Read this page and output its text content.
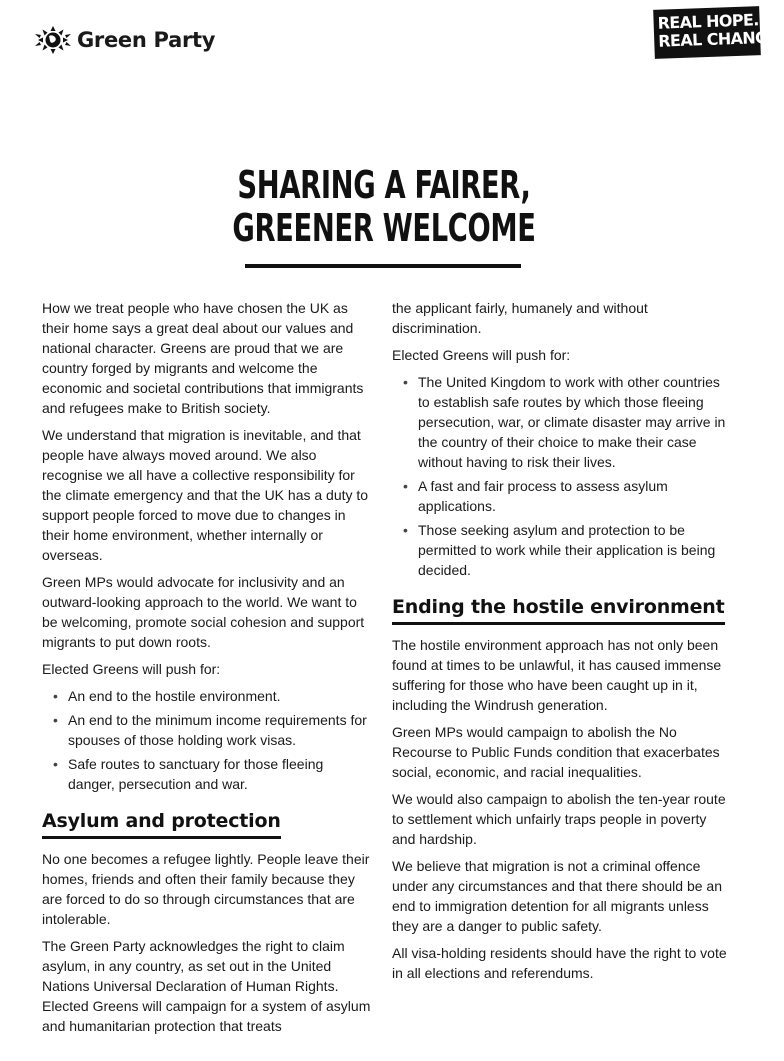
Green Party
REAL HOPE.
REAL CHANGE.
SHARING A FAIRER,
GREENER WELCOME

How we treat people who have chosen the UK as their home says a great deal about our values and national character. Greens are proud that we are country forged by migrants and welcome the economic and societal contributions that immigrants and refugees make to British society.

We understand that migration is inevitable, and that people have always moved around. We also recognise we all have a collective responsibility for the climate emergency and that the UK has a duty to support people forced to move due to changes in their home environment, whether internally or overseas.

Green MPs would advocate for inclusivity and an outward-looking approach to the world. We want to be welcoming, promote social cohesion and support migrants to put down roots.

Elected Greens will push for:

• An end to the hostile environment.
• An end to the minimum income requirements for spouses of those holding work visas.
• Safe routes to sanctuary for those fleeing danger, persecution and war.
Asylum and protection

No one becomes a refugee lightly. People leave their homes, friends and often their family because they are forced to do so through circumstances that are intolerable.

The Green Party acknowledges the right to claim asylum, in any country, as set out in the United Nations Universal Declaration of Human Rights. Elected Greens will campaign for a system of asylum and humanitarian protection that treats

the applicant fairly, humanely and without discrimination.

Elected Greens will push for:

• The United Kingdom to work with other countries to establish safe routes by which those fleeing persecution, war, or climate disaster may arrive in the country of their choice to make their case without having to risk their lives.
• A fast and fair process to assess asylum applications.
• Those seeking asylum and protection to be permitted to work while their application is being decided.
Ending the hostile environment

The hostile environment approach has not only been found at times to be unlawful, it has caused immense suffering for those who have been caught up in it, including the Windrush generation.

Green MPs would campaign to abolish the No Recourse to Public Funds condition that exacerbates social, economic, and racial inequalities.

We would also campaign to abolish the ten-year route to settlement which unfairly traps people in poverty and hardship.

We believe that migration is not a criminal offence under any circumstances and that there should be an end to immigration detention for all migrants unless they are a danger to public safety.

All visa-holding residents should have the right to vote in all elections and referendums.
